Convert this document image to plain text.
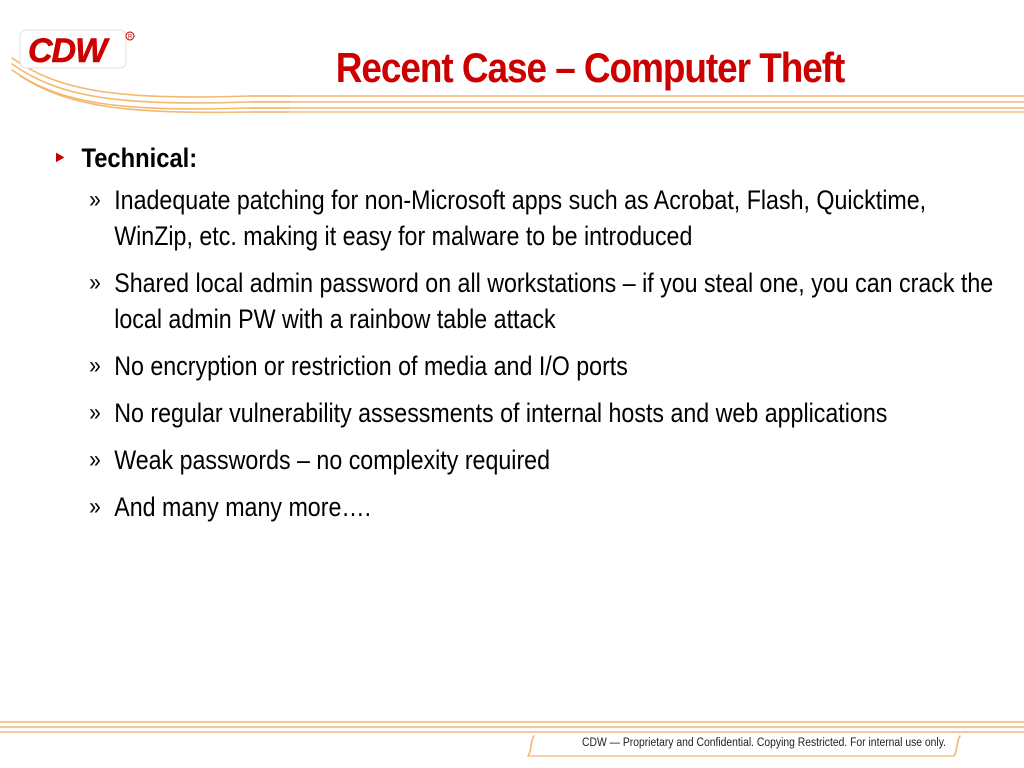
CDW	R
Recent Case – Computer Theft
► Technical:
» Inadequate patching for non-Microsoft apps such as Acrobat, Flash, Quicktime, WinZip, etc. making it easy for malware to be introduced
» Shared local admin password on all workstations – if you steal one, you can crack the local admin PW with a rainbow table attack
» No encryption or restriction of media and I/O ports
» No regular vulnerability assessments of internal hosts and web applications
» Weak passwords – no complexity required
» And many many more….
CDW — Proprietary and Confidential. Copying Restricted. For internal use only.
